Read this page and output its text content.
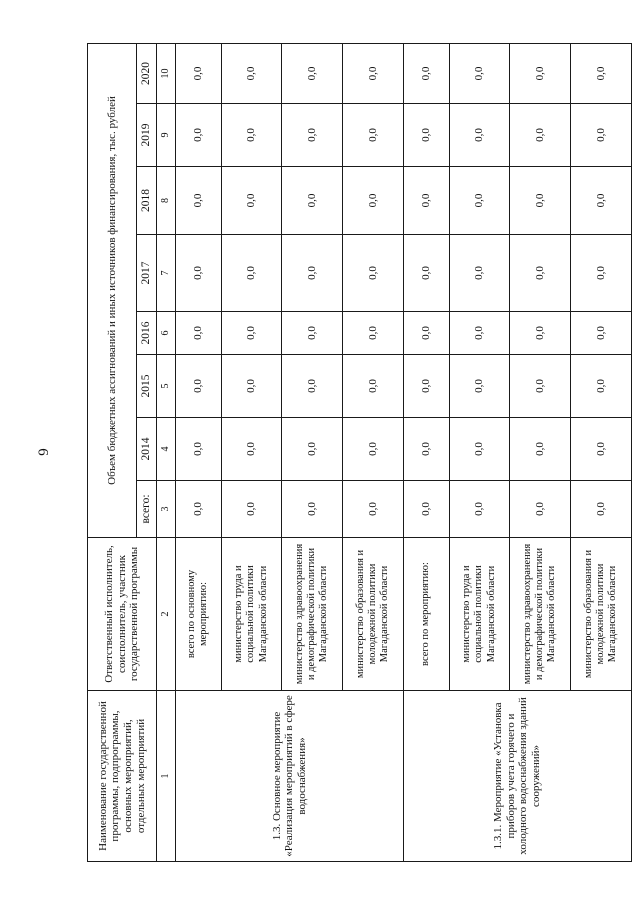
6
Наименование государственной программы, подпрограммы, основных мероприятий, отдельных мероприятий	Ответственный исполнитель, соисполнитель, участник государственной программы	Объем бюджетных ассигнований и иных источников финансирования, тыс. рублей							
		всего:	2014	2015	2016	2017	2018	2019	2020
1	2	3	4	5	6	7	8	9	10
1.3. Основное мероприятие «Реализация мероприятий в сфере водоснабжения»	всего по основному мероприятию:	0,0	0,0	0,0	0,0	0,0	0,0	0,0	0,0
	министерство труда и социальной политики Магаданской области	0,0	0,0	0,0	0,0	0,0	0,0	0,0	0,0
	министерство здравоохранения и демографической политики Магаданской области	0,0	0,0	0,0	0,0	0,0	0,0	0,0	0,0
	министерство образования и молодежной политики Магаданской области	0,0	0,0	0,0	0,0	0,0	0,0	0,0	0,0
1.3.1. Мероприятие «Установка приборов учета горячего и холодного водоснабжения зданий сооружений»	всего по мероприятию:	0,0	0,0	0,0	0,0	0,0	0,0	0,0	0,0
	министерство труда и социальной политики Магаданской области	0,0	0,0	0,0	0,0	0,0	0,0	0,0	0,0
	министерство здравоохранения и демографической политики Магаданской области	0,0	0,0	0,0	0,0	0,0	0,0	0,0	0,0
	министерство образования и молодежной политики Магаданской области	0,0	0,0	0,0	0,0	0,0	0,0	0,0	0,0
